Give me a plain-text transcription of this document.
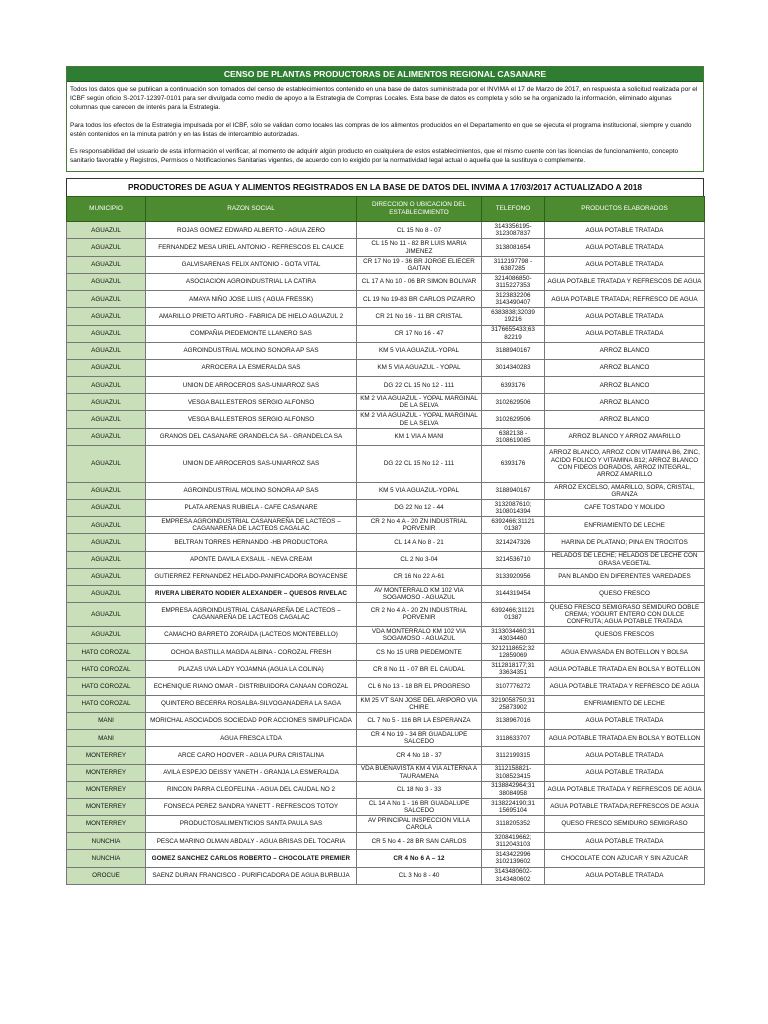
CENSO DE PLANTAS PRODUCTORAS DE ALIMENTOS REGIONAL CASANARE

Todos los datos que se publican a continuación son tomados del censo de establecimientos contenido en una base de datos suministrada por el INVIMA el 17 de Marzo de 2017, en respuesta a solicitud realizada por el ICBF según oficio S-2017-12397-0101 para ser divulgada como medio de apoyo a la Estrategia de Compras Locales. Esta base de datos es completa y sólo se ha organizado la información, eliminado algunas columnas que carecen de interés para la Estrategia.

Para todos los efectos de la Estrategia impulsada por el ICBF, sólo se validan como locales las compras de los alimentos producidos en el Departamento en que se ejecuta el programa institucional, siempre y cuando estén contenidos en la minuta patrón y en las listas de intercambio autorizadas.

Es responsabilidad del usuario de esta información el verificar, al momento de adquirir algún producto en cualquiera de estos establecimientos, que el mismo cuente con las licencias de funcionamiento, concepto sanitario favorable y Registros, Permisos o Notificaciones Sanitarias vigentes, de acuerdo con lo exigido por la normatividad legal actual o aquella que la sustituya o complemente.

PRODUCTORES DE AGUA Y ALIMENTOS REGISTRADOS EN LA BASE DE DATOS DEL INVIMA A 17/03/2017 ACTUALIZADO A 2018
MUNICIPIO	RAZON SOCIAL	DIRECCION O UBICACION DEL ESTABLECIMIENTO	TELEFONO	PRODUCTOS ELABORADOS
AGUAZUL	ROJAS GOMEZ EDWARD ALBERTO - AGUA ZERO	CL 15 No 8 - 07	3143356195-3123087837	AGUA POTABLE TRATADA
AGUAZUL	FERNANDEZ MESA URIEL ANTONIO - REFRESCOS EL CAUCE	CL 15 No 11 - 82 BR LUIS MARIA JIMENEZ	3138081654	AGUA POTABLE TRATADA
AGUAZUL	GALVISARENAS FELIX ANTONIO - GOTA VITAL	CR 17 No 19 - 36 BR JORGE ELIECER GAITAN	3112197798 - 6387285	AGUA POTABLE TRATADA
AGUAZUL	ASOCIACION AGROINDUSTRIAL LA CATIRA	CL 17 A No 10 - 06 BR SIMON BOLIVAR	3214086850-3115227353	AGUA POTABLE TRATADA Y REFRESCOS DE AGUA
AGUAZUL	AMAYA NIÑO JOSE LUIS ( AGUA FRESSK)	CL 19 No 19-83 BR CARLOS PIZARRO	3123832206 3143490407	AGUA POTABLE TRATADA; REFRESCO DE AGUA
AGUAZUL	AMARILLO PRIETO ARTURO - FABRICA DE HIELO AGUAZUL 2	CR 21 No 16 - 11 BR CRISTAL	6383838;32039 19216	AGUA POTABLE TRATADA
AGUAZUL	COMPAÑIA PIEDEMONTE LLANERO SAS	CR 17 No 16 - 47	3176655433;63 82219	AGUA POTABLE TRATADA
AGUAZUL	AGROINDUSTRIAL MOLINO SONORA AP SAS	KM 5 VIA AGUAZUL-YOPAL	3188940167	ARROZ BLANCO
AGUAZUL	ARROCERA LA ESMERALDA SAS	KM 5 VIA AGUAZUL - YOPAL	3014340283	ARROZ BLANCO
AGUAZUL	UNION DE ARROCEROS SAS-UNIARROZ SAS	DG 22 CL 15 No 12 - 111	6393176	ARROZ BLANCO
AGUAZUL	VESGA BALLESTEROS SERGIO ALFONSO	KM 2 VIA AGUAZUL - YOPAL MARGINAL DE LA SELVA	3102629506	ARROZ BLANCO
AGUAZUL	VESGA BALLESTEROS SERGIO ALFONSO	KM 2 VIA AGUAZUL - YOPAL MARGINAL DE LA SELVA	3102629506	ARROZ BLANCO
AGUAZUL	GRANOS DEL CASANARE GRANDELCA SA - GRANDELCA SA	KM 1 VIA A MANI	6382138 - 3108619085	ARROZ BLANCO Y ARROZ AMARILLO
AGUAZUL	UNION DE ARROCEROS SAS-UNIARROZ SAS	DG 22 CL 15 No 12 - 111	6393176	ARROZ BLANCO, ARROZ CON VITAMINA B6, ZINC, ACIDO FOLICO Y VITAMINA B12; ARROZ BLANCO CON FIDEOS DORADOS, ARROZ INTEGRAL, ARROZ AMARILLO
AGUAZUL	AGROINDUSTRIAL MOLINO SONORA AP SAS	KM 5 VIA AGUAZUL-YOPAL	3188940167	ARROZ EXCELSO, AMARILLO, SOPA, CRISTAL, GRANZA
AGUAZUL	PLATA ARENAS RUBIELA - CAFE CASANARE	DG 22 No 12 - 44	3132087610; 3108014394	CAFE TOSTADO Y MOLIDO
AGUAZUL	EMPRESA AGROINDUSTRIAL CASANAREÑA DE LACTEOS – CAGANAREÑA DE LACTEOS CAGALAC	CR 2 No 4 A - 20 ZN INDUSTRIAL PORVENIR	6392466;31121 01387	ENFRIAMIENTO DE LECHE
AGUAZUL	BELTRAN TORRES HERNANDO -HB PRODUCTORA	CL 14 A No 8 - 21	3214247326	HARINA DE PLATANO; PINA EN TROCITOS
AGUAZUL	APONTE DAVILA EXSAUL - NEVA CREAM	CL 2 No 3-04	3214536710	HELADOS DE LECHE; HELADOS DE LECHE CON GRASA VEGETAL
AGUAZUL	GUTIERREZ FERNANDEZ HELADO-PANIFICADORA BOYACENSE	CR 16 No 22 A-61	3133920956	PAN BLANDO EN DIFERENTES VAREDADES
AGUAZUL	RIVERA LIBERATO NODIER ALEXANDER – QUESOS RIVELAC	AV MONTERRALO KM 102 VIA SOGAMOSO - AGUAZUL	3144319454	QUESO FRESCO
AGUAZUL	EMPRESA AGROINDUSTRIAL CASANAREÑA DE LACTEOS – CAGANAREÑA DE LACTEOS CAGALAC	CR 2 No 4 A - 20 ZN INDUSTRIAL PORVENIR	6392466;31121 01387	QUESO FRESCO SEMIGRASO SEMIDURO DOBLE CREMA; YOGURT ENTERO CON DULCE CONFRUTA; AGUA POTABLE TRATADA
AGUAZUL	CAMACHO BARRETO ZORAIDA (LACTEOS MONTEBELLO)	VDA MONTERRALO KM 102 VIA SOGAMOSO - AGUAZUL	3133034460;31 43034460	QUESOS FRESCOS
HATO COROZAL	OCHOA BASTILLA MAGDA ALBINA - COROZAL FRESH	CS No 15 URB PIEDEMONTE	3212118652;32 12859069	AGUA ENVASADA EN BOTELLON Y BOLSA
HATO COROZAL	PLAZAS UVA LADY YOJAMNA (AGUA LA COLINA)	CR 8 No 11 - 07 BR EL CAUDAL	3112818177;31 33634351	AGUA POTABLE TRATADA EN BOLSA Y BOTELLON
HATO COROZAL	ECHENIQUE RIANO OMAR - DISTRIBUIDORA CANAAN COROZAL	CL 6 No 13 - 18 BR EL PROGRESO	3107776272	AGUA POTABLE TRATADA Y REFRESCO DE AGUA
HATO COROZAL	QUINTERO BECERRA ROSALBA-SILVOGANADERA LA SAGA	KM 25 VT SAN JOSE DEL ARIPORO VIA CHIRE	3219058750;31 25873902	ENFRIAMIENTO DE LECHE
MANI	MORICHAL ASOCIADOS SOCIEDAD POR ACCIONES SIMPLIFICADA	CL 7 No 5 - 116 BR LA ESPERANZA	3138967016	AGUA POTABLE TRATADA
MANI	AGUA FRESCA LTDA	CR 4 No 19 - 34 BR GUADALUPE SALCEDO	3118633707	AGUA POTABLE TRATADA EN BOLSA Y BOTELLON
MONTERREY	ARCE CARO HOOVER - AGUA PURA CRISTALINA	CR 4 No 18 - 37	3112199315	AGUA POTABLE TRATADA
MONTERREY	AVILA ESPEJO DEISSY YANETH - GRANJA LA ESMERALDA	VDA BUENAVISTA KM 4 VIA ALTERNA A TAURAMENA	3112158821-3108523415	AGUA POTABLE TRATADA
MONTERREY	RINCON PARRA CLEOFELINA - AGUA DEL CAUDAL NO 2	CL 18 No 3 - 33	3138842964;31 38084958	AGUA POTABLE TRATADA Y REFRESCOS DE AGUA
MONTERREY	FONSECA PEREZ SANDRA YANETT - REFRESCOS TOTOY	CL 14 A No 1 - 16 BR GUADALUPE SALCEDO	3138224190;31 15695104	AGUA POTABLE TRATADA;REFRESCOS DE AGUA
MONTERREY	PRODUCTOSALIMENTICIOS SANTA PAULA SAS	AV PRINCIPAL INSPECCION VILLA CAROLA	3118205352	QUESO FRESCO SEMIDURO SEMIGRASO
NUNCHIA	PESCA MARINO OLMAN ABDALY - AGUA BRISAS DEL TOCARIA	CR 5 No 4 - 28 BR SAN CARLOS	3208419662; 3112043103	AGUA POTABLE TRATADA
NUNCHIA	GOMEZ SANCHEZ CARLOS ROBERTO – CHOCOLATE PREMIER	CR 4 No 6 A – 12	3143422996 3102139602	CHOCOLATE CON AZUCAR Y SIN AZUCAR
OROCUE	SAENZ DURAN FRANCISCO - PURIFICADORA DE AGUA BURBUJA	CL 3 No 8 - 40	3143480602-3143480602	AGUA POTABLE TRATADA
